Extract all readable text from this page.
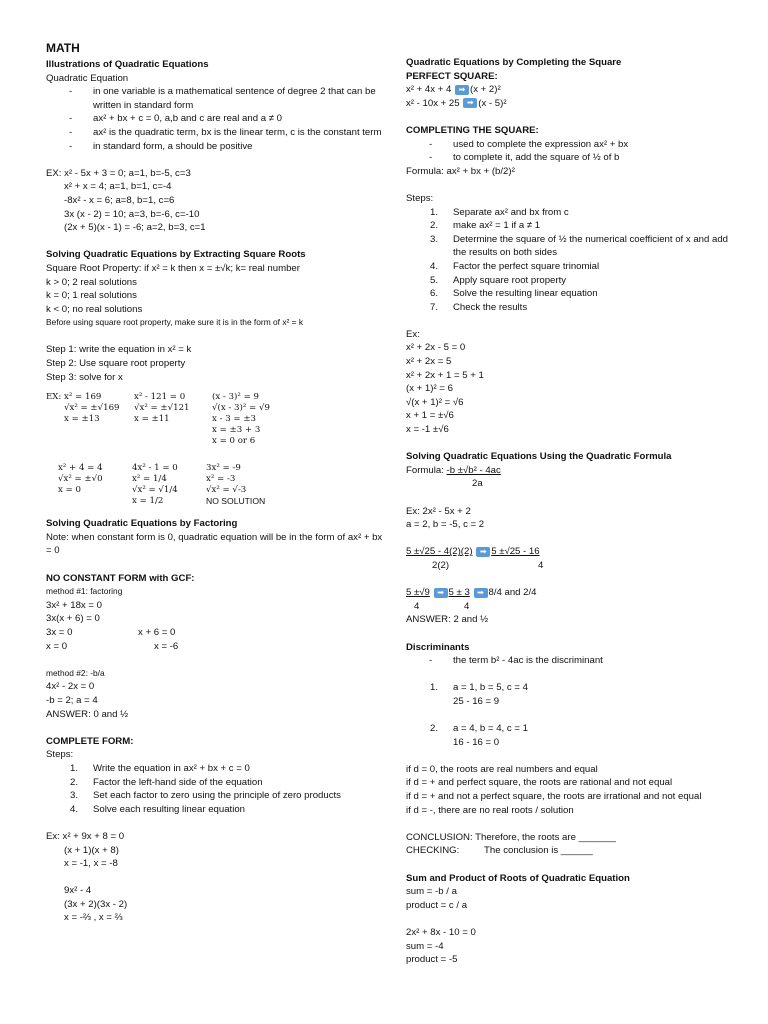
MATH
Illustrations of Quadratic Equations
Quadratic Equation
- in one variable is a mathematical sentence of degree 2 that can be written in standard form
- ax² + bx + c = 0, a,b and c are real and a ≠ 0
- ax² is the quadratic term, bx is the linear term, c is the constant term
- in standard form, a should be positive
EX: x² - 5x + 3 = 0; a=1, b=-5, c=3
x² + x = 4; a=1, b=1, c=-4
-8x² - x = 6; a=8, b=1, c=6
3x (x - 2) = 10; a=3, b=-6, c=-10
(2x + 5)(x - 1) = -6; a=2, b=3, c=1
Solving Quadratic Equations by Extracting Square Roots
Square Root Property: if x² = k then x = ±√k; k= real number
k > 0; 2 real solutions
k = 0; 1 real solutions
k < 0; no real solutions
Before using square root property, make sure it is in the form of x² = k
Step 1: write the equation in x² = k
Step 2: Use square root property
Step 3: solve for x
EX: x² = 169
√x² = ±√169
x = ±13
x² - 121 = 0
√x² = ±√121
x = ±11
(x - 3)² = 9
√(x - 3)² = √9
x - 3 = ±3
x = ±3 + 3
x = 0 or 6
x² + 4 = 4
√x² = ±√0
x = 0
4x² - 1 = 0
x² = 1/4
√x² = √1/4
x = 1/2
3x² = -9
x² = -3
√x² = √-3
NO SOLUTION
Solving Quadratic Equations by Factoring
Note: when constant form is 0, quadratic equation will be in the form of ax² + bx = 0
NO CONSTANT FORM with GCF:
method #1: factoring
3x² + 18x = 0
3x(x + 6) = 0
3x = 0	x + 6 = 0
x = 0	x = -6
method #2: -b/a
4x² - 2x = 0
-b = 2; a = 4
ANSWER: 0 and ½
COMPLETE FORM:
Steps:
1. Write the equation in ax² + bx + c = 0
2. Factor the left-hand side of the equation
3. Set each factor to zero using the principle of zero products
4. Solve each resulting linear equation
Ex: x² + 9x + 8 = 0
(x + 1)(x + 8)
x = -1, x = -8
9x² - 4
(3x + 2)(3x - 2)
x = -⅔ , x = ⅔
Quadratic Equations by Completing the Square
PERFECT SQUARE:
x² + 4x + 4 ➡ (x + 2)²
x² - 10x + 25 ➡ (x - 5)²
COMPLETING THE SQUARE:
- used to complete the expression ax² + bx
- to complete it, add the square of ½ of b
Formula: ax² + bx + (b/2)²
Steps:
1. Separate ax² and bx from c
2. make ax² = 1 if a ≠ 1
3. Determine the square of ½ the numerical coefficient of x and add the results on both sides
4. Factor the perfect square trinomial
5. Apply square root property
6. Solve the resulting linear equation
7. Check the results
Ex:
x² + 2x - 5 = 0
x² + 2x = 5
x² + 2x + 1 = 5 + 1
(x + 1)² = 6
√(x + 1)² = √6
x + 1 = ±√6
x = -1 ±√6
Solving Quadratic Equations Using the Quadratic Formula
Formula: -b ±√b² - 4ac
2a
Ex: 2x² - 5x + 2
a = 2, b = -5, c = 2
5 ±√25 - 4(2)(2) ➡ 5 ±√25 - 16
2(2)	4
5 ±√9 ➡ 5 ± 3 ➡ 8/4 and 2/4
4	4
ANSWER: 2 and ½
Discriminants
- the term b² - 4ac is the discriminant
1. a = 1, b = 5, c = 4
25 - 16 = 9
2. a = 4, b = 4, c = 1
16 - 16 = 0
if d = 0, the roots are real numbers and equal
if d = + and perfect square, the roots are rational and not equal
if d = + and not a perfect square, the roots are irrational and not equal
if d = -, there are no real roots / solution
CONCLUSION: Therefore, the roots are _______
CHECKING:	The conclusion is ______
Sum and Product of Roots of Quadratic Equation
sum = -b / a
product = c / a
2x² + 8x - 10 = 0
sum = -4
product = -5
